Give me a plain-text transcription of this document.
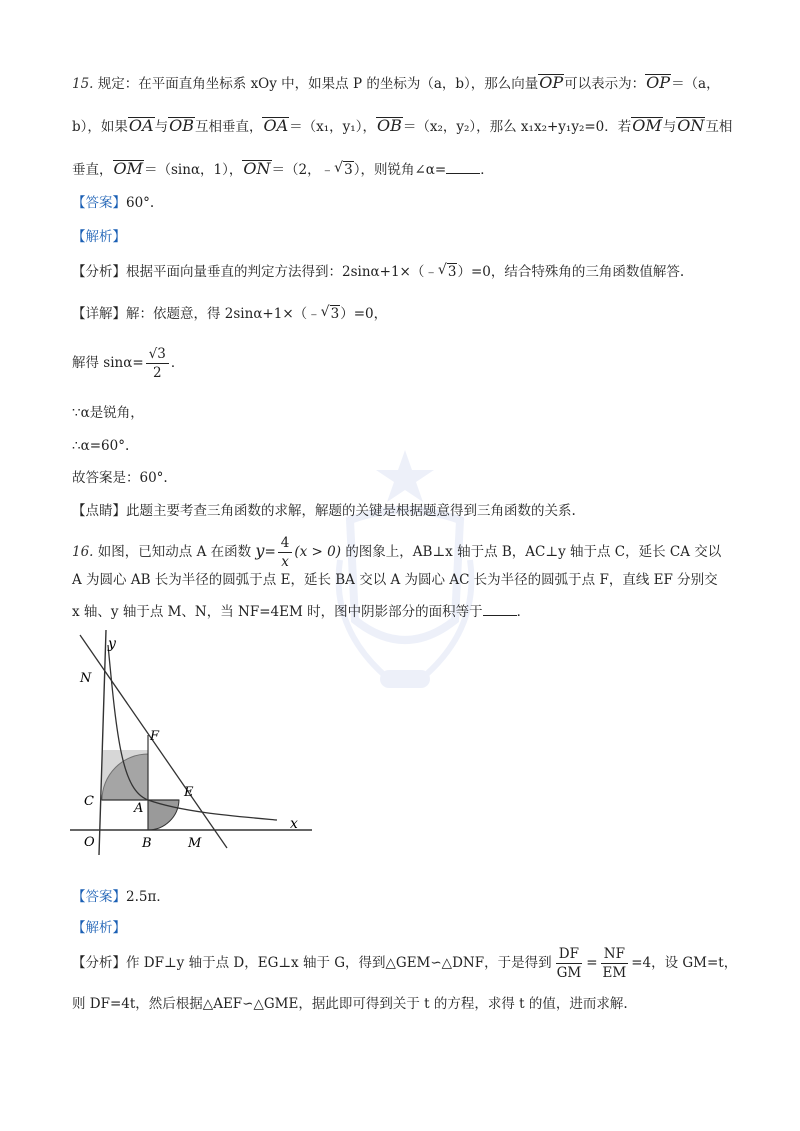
15. 规定：在平面直角坐标系 xOy 中，如果点 P 的坐标为（a，b），那么向量OP可以表示为：OP＝（a，
b），如果OA与OB互相垂直，OA＝（x₁，y₁），OB＝（x₂，y₂），那么 x₁x₂+y₁y₂=0．若OM与ON互相
垂直，OM＝（sinα，1），ON＝（2，﹣ √ 3），则锐角∠α=	．
【答案】60°.
【解析】
【分析】根据平面向量垂直的判定方法得到：2sinα+1×（﹣ √ 3）=0，结合特殊角的三角函数值解答.
【详解】解：依题意，得 2sinα+1×（﹣ √ 3）=0，
解得 $\sin\alpha= \frac{√3}{2}$ ．
∵α是锐角，
∴α=60°.
故答案是：60°.
【点睛】此题主要考查三角函数的求解，解题的关键是根据题意得到三角函数的关系.
16. 如图，已知动点 A 在函数 $y= \frac{4}{x} (x > 0)$ 的图象上，AB⊥x 轴于点 B，AC⊥y 轴于点 C，延长 CA 交以
A 为圆心 AB 长为半径的圆弧于点 E，延长 BA 交以 A 为圆心 AC 长为半径的圆弧于点 F，直线 EF 分别交
x 轴、y 轴于点 M、N，当 NF=4EM 时，图中阴影部分的面积等于	．
y
x
N
F
C	A
E
O	B	M
【答案】2.5π．
【解析】
【分析】作 DF⊥y 轴于点 D，EG⊥x 轴于 G，得到△GEM∽△DNF，于是得到 $\frac{DF}{GM} = \frac{NF}{EM} =4$，设 GM=t，
则 DF=4t，然后根据△AEF∽△GME，据此即可得到关于 t 的方程，求得 t 的值，进而求解.
